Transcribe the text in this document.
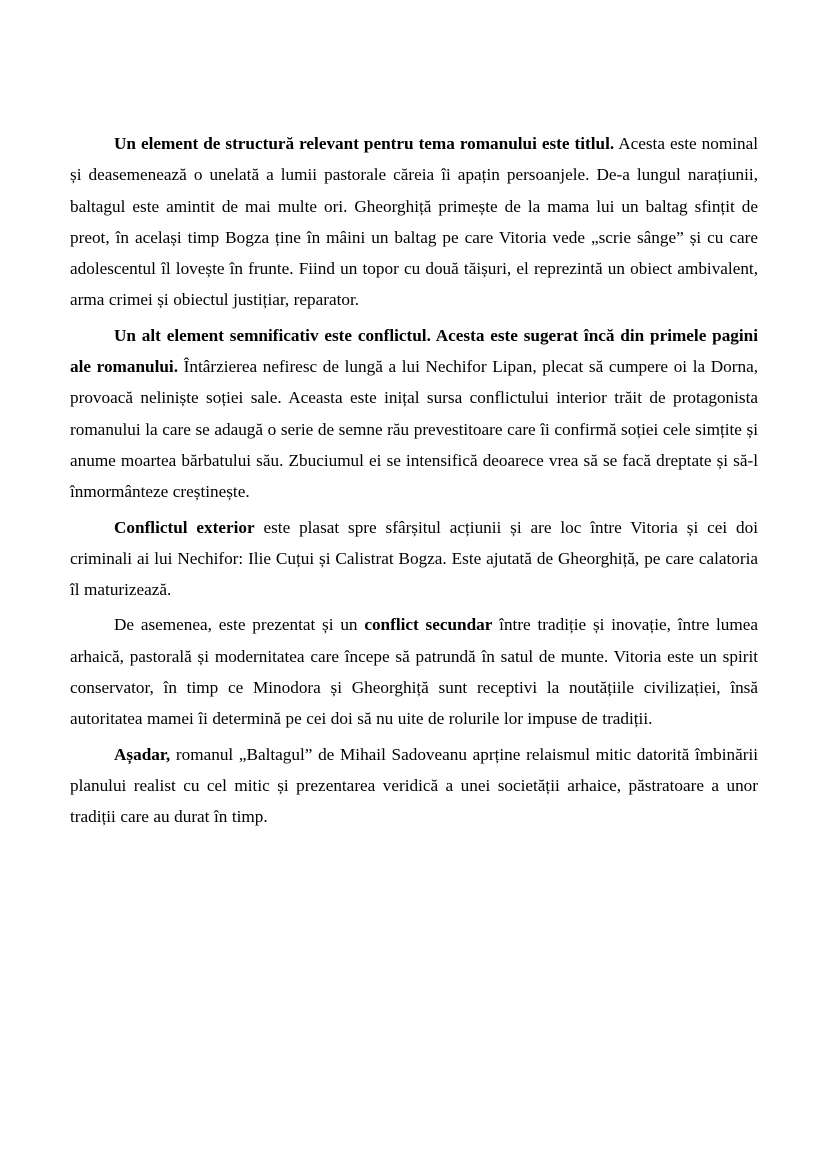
Un element de structură relevant pentru tema romanului este titlul. Acesta este nominal și deasemenează o unelată a lumii pastorale căreia îi apațin persoanjele. De-a lungul narațiunii, baltagul este amintit de mai multe ori. Gheorghiță primește de la mama lui un baltag sfințit de preot, în același timp Bogza ține în mâini un baltag pe care Vitoria vede „scrie sânge” și cu care adolescentul îl lovește în frunte. Fiind un topor cu două tăișuri, el reprezintă un obiect ambivalent, arma crimei și obiectul justițiar, reparator.

Un alt element semnificativ este conflictul. Acesta este sugerat încă din primele pagini ale romanului. Întârzierea nefiresc de lungă a lui Nechifor Lipan, plecat să cumpere oi la Dorna, provoacă neliniște soției sale. Aceasta este inițal sursa conflictului interior trăit de protagonista romanului la care se adaugă o serie de semne rău prevestitoare care îi confirmă soției cele simțite și anume moartea bărbatului său. Zbuciumul ei se intensifică deoarece vrea să se facă dreptate și să-l înmormânteze creștinește.

Conflictul exterior este plasat spre sfârșitul acțiunii și are loc între Vitoria și cei doi criminali ai lui Nechifor: Ilie Cuțui și Calistrat Bogza. Este ajutată de Gheorghiță, pe care calatoria îl maturizează.

De asemenea, este prezentat și un conflict secundar între tradiție și inovație, între lumea arhaică, pastorală și modernitatea care începe să patrundă în satul de munte. Vitoria este un spirit conservator, în timp ce Minodora și Gheorghiță sunt receptivi la noutățiile civilizației, însă autoritatea mamei îi determină pe cei doi să nu uite de rolurile lor impuse de tradiții.

Așadar, romanul „Baltagul” de Mihail Sadoveanu aprține relaismul mitic datorită îmbinării planului realist cu cel mitic și prezentarea veridică a unei societății arhaice, păstratoare a unor tradiții care au durat în timp.
